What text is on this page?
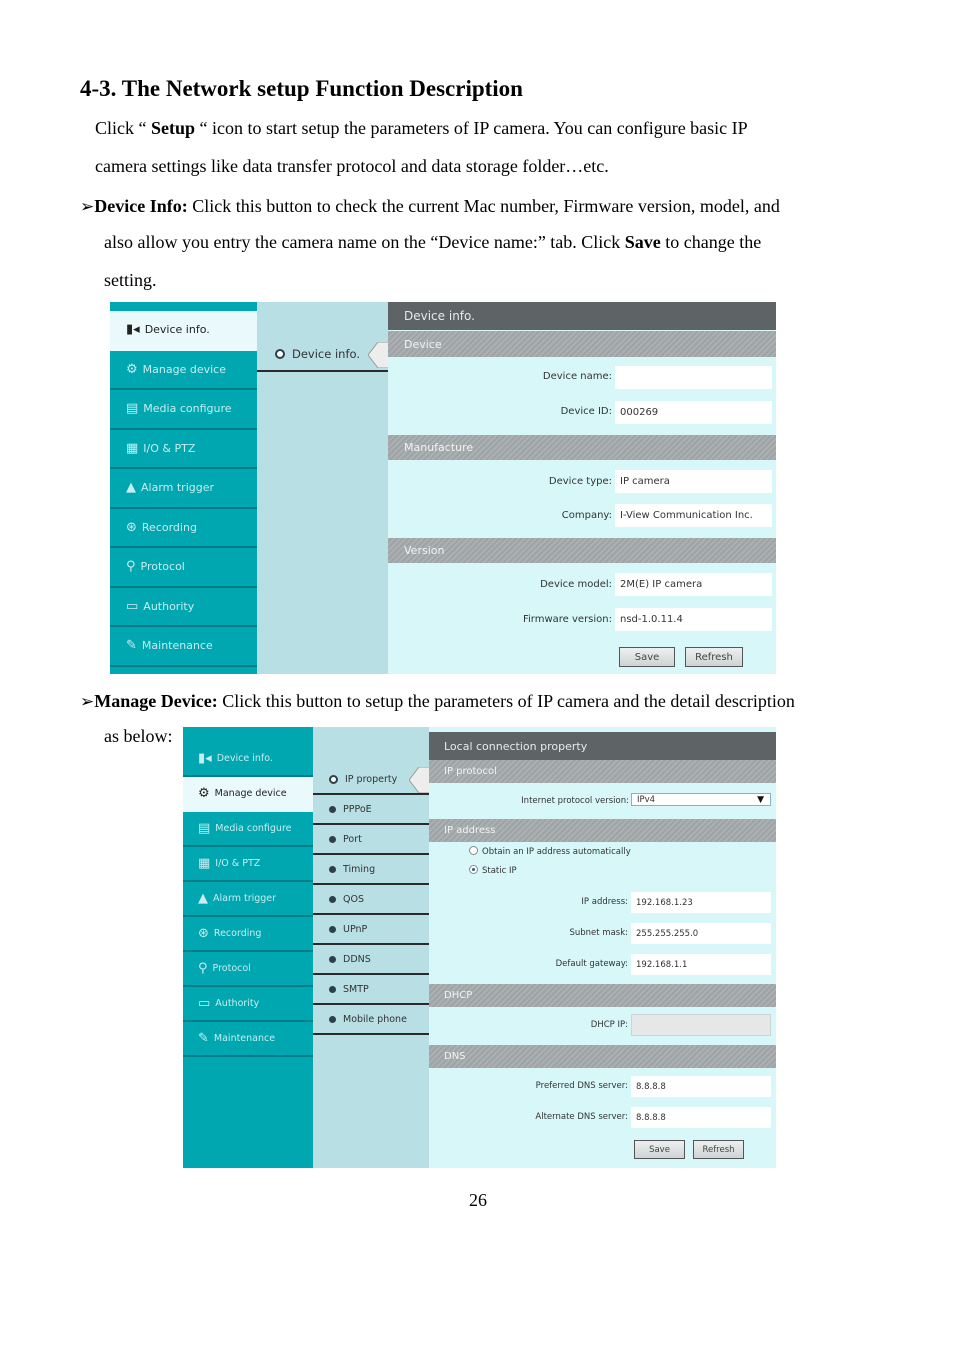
4-3. The Network setup Function Description
Click “ Setup “ icon to start setup the parameters of IP camera. You can configure basic IP
camera settings like data transfer protocol and data storage folder…etc.
➢Device Info: Click this button to check the current Mac number, Firmware version, model, and
also allow you entry the camera name on the “Device name:” tab. Click Save to change the
setting.
➢Manage Device: Click this button to setup the parameters of IP camera and the detail description
as below:
26
▮◂ Device info.
⚙ Manage device
▤ Media configure
▦ I/O & PTZ
▲ Alarm trigger
⊛ Recording
⚲ Protocol
▭ Authority
✎ Maintenance
Device info.
Device info.
Device
Device name:
Device ID: 000269
Manufacture
Device type: IP camera
Company: I-View Communication Inc.
Version
Device model: 2M(E) IP camera
Firmware version: nsd-1.0.11.4
Save	Refresh
▮◂ Device info.
⚙ Manage device
▤ Media configure
▦ I/O & PTZ
▲ Alarm trigger
⊛ Recording
⚲ Protocol
▭ Authority
✎ Maintenance
IP property
PPPoE
Port
Timing
QOS
UPnP
DDNS
SMTP
Mobile phone
Local connection property
IP protocol
Internet protocol version: IPv4	▼
IP address
Obtain an IP address automatically
Static IP
IP address: 192.168.1.23
Subnet mask: 255.255.255.0
Default gateway: 192.168.1.1
DHCP
DHCP IP:
DNS
Preferred DNS server: 8.8.8.8
Alternate DNS server: 8.8.8.8
Save	Refresh
